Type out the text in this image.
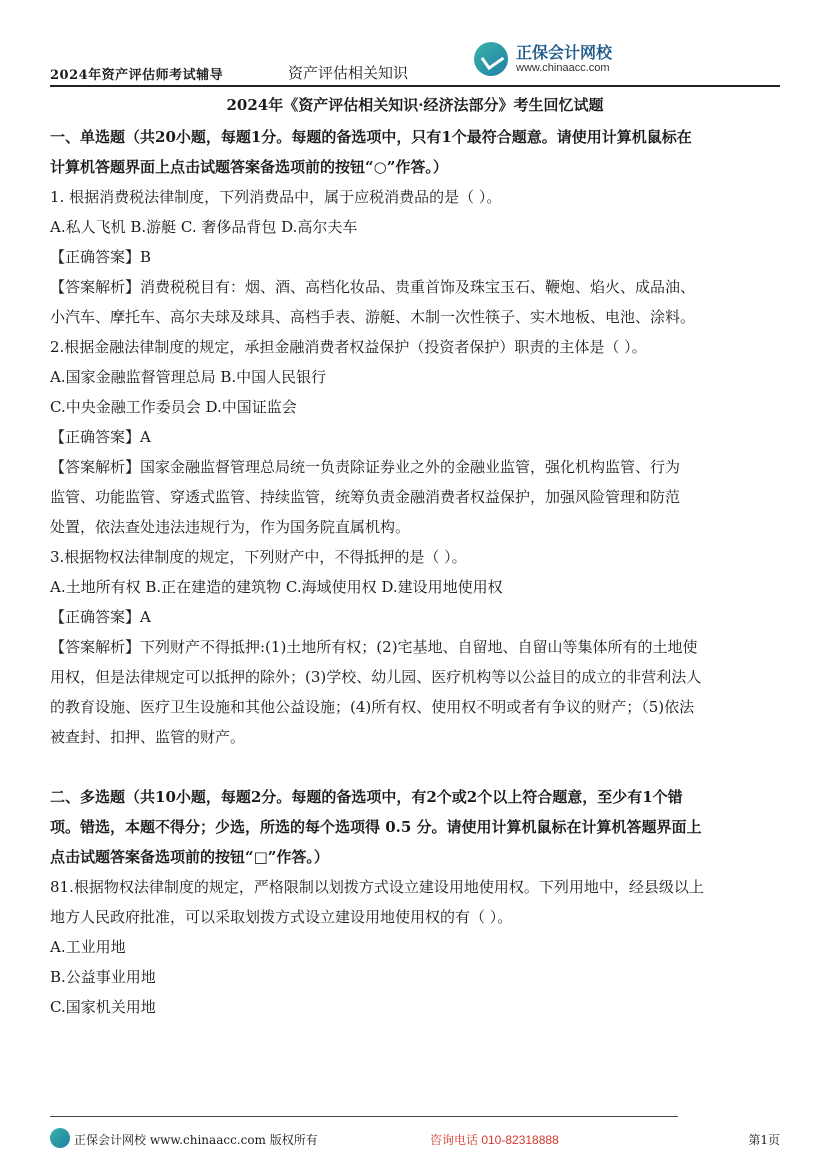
2024年资产评估师考试辅导	资产评估相关知识
正保会计网校
www.chinaacc.com
2024年《资产评估相关知识·经济法部分》考生回忆试题
一、单选题（共20小题，每题1分。每题的备选项中，只有1个最符合题意。请使用计算机鼠标在
计算机答题界面上点击试题答案备选项前的按钮“○”作答。）
1. 根据消费税法律制度，下列消费品中，属于应税消费品的是（ ）。
A.私人飞机 B.游艇 C. 奢侈品背包 D.高尔夫车
【正确答案】B
【答案解析】消费税税目有：烟、酒、高档化妆品、贵重首饰及珠宝玉石、鞭炮、焰火、成品油、
小汽车、摩托车、高尔夫球及球具、高档手表、游艇、木制一次性筷子、实木地板、电池、涂料。
2.根据金融法律制度的规定，承担金融消费者权益保护（投资者保护）职责的主体是（ ）。
A.国家金融监督管理总局 B.中国人民银行
C.中央金融工作委员会 D.中国证监会
【正确答案】A
【答案解析】国家金融监督管理总局统一负责除证券业之外的金融业监管，强化机构监管、行为
监管、功能监管、穿透式监管、持续监管，统筹负责金融消费者权益保护，加强风险管理和防范
处置，依法查处违法违规行为，作为国务院直属机构。
3.根据物权法律制度的规定，下列财产中，不得抵押的是（ ）。
A.土地所有权 B.正在建造的建筑物 C.海域使用权 D.建设用地使用权
【正确答案】A
【答案解析】下列财产不得抵押:(1)土地所有权；(2)宅基地、自留地、自留山等集体所有的土地使
用权，但是法律规定可以抵押的除外；(3)学校、幼儿园、医疗机构等以公益目的成立的非营利法人
的教育设施、医疗卫生设施和其他公益设施；(4)所有权、使用权不明或者有争议的财产；（5)依法
被查封、扣押、监管的财产。
二、多选题（共10小题，每题2分。每题的备选项中，有2个或2个以上符合题意，至少有1个错
项。错选，本题不得分；少选，所选的每个选项得 0.5 分。请使用计算机鼠标在计算机答题界面上
点击试题答案备选项前的按钮“□”作答。）
81.根据物权法律制度的规定，严格限制以划拨方式设立建设用地使用权。下列用地中，经县级以上
地方人民政府批准，可以采取划拨方式设立建设用地使用权的有（ ）。
A.工业用地
B.公益事业用地
C.国家机关用地
正保会计网校 www.chinaacc.com 版权所有	咨询电话 010-82318888	第1页
